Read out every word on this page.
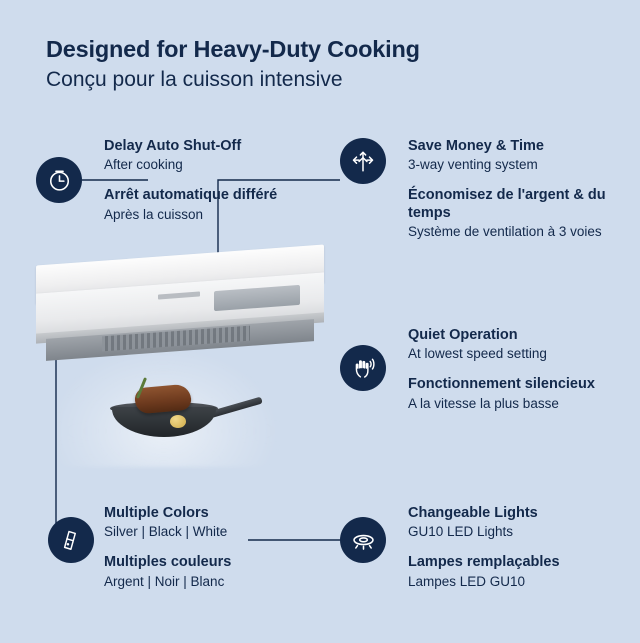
Designed for Heavy-Duty Cooking
Conçu pour la cuisson intensive
Delay Auto Shut-Off
After cooking
Arrêt automatique différé
Après la cuisson
Save Money & Time
3-way venting system
Économisez de l'argent & du temps
Système de ventilation à 3 voies
Quiet Operation
At lowest speed setting
Fonctionnement silencieux
A la vitesse la plus basse
Multiple Colors
Silver | Black | White
Multiples couleurs
Argent | Noir | Blanc
Changeable Lights
GU10 LED Lights
Lampes remplaçables
Lampes LED GU10
